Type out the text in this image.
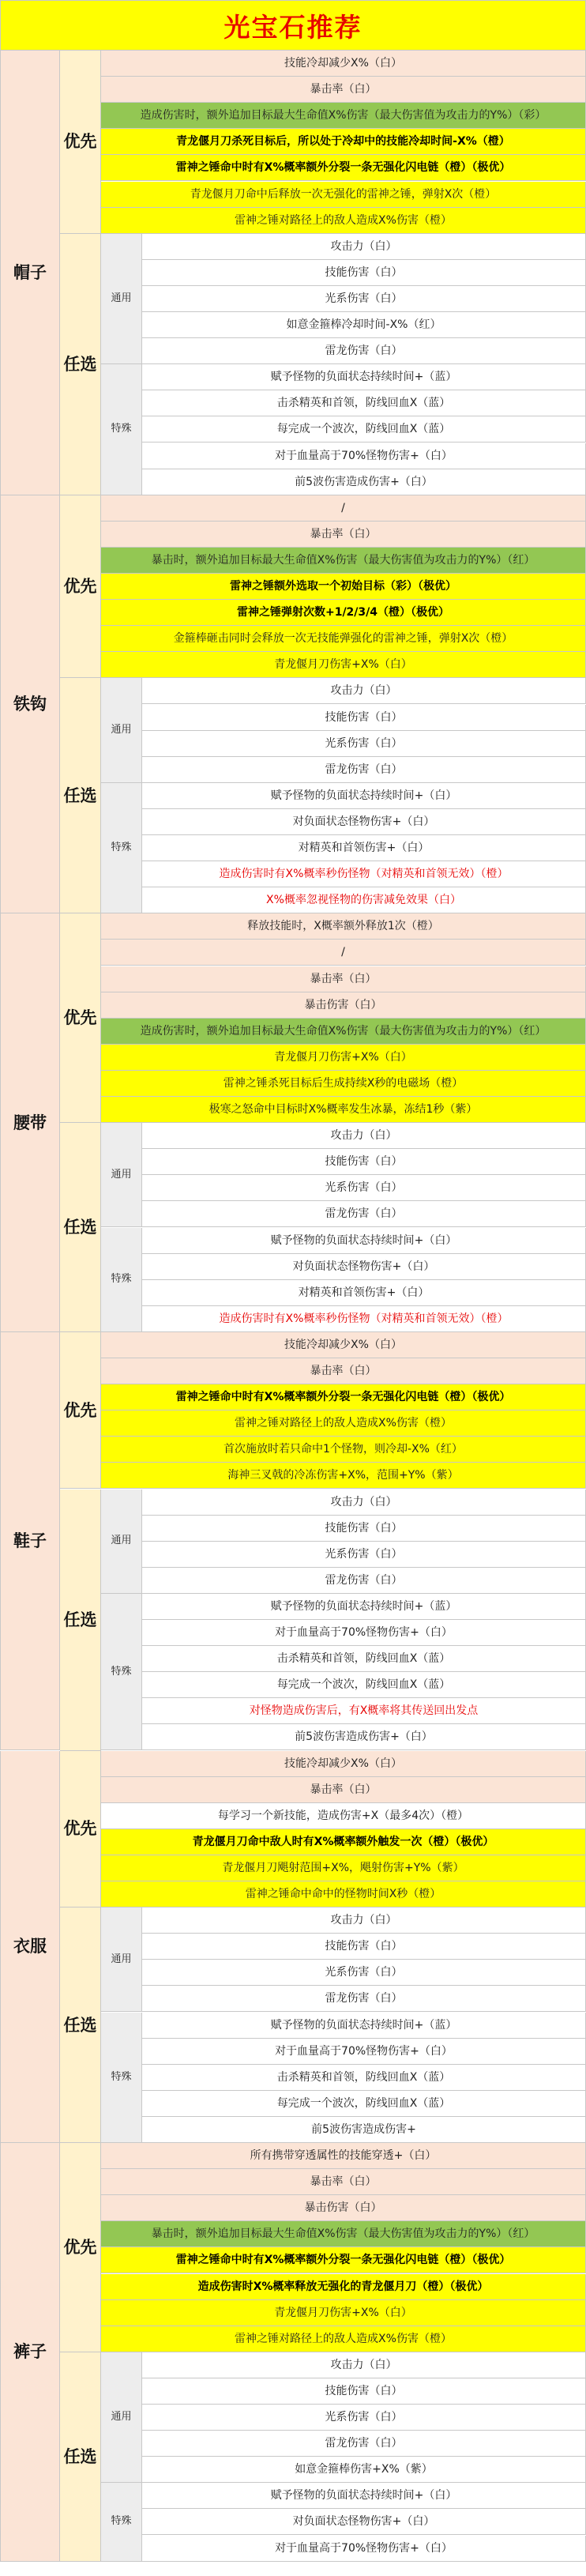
光宝石推荐
帽子
优先
技能冷却减少X%（白）
暴击率（白）
造成伤害时，额外追加目标最大生命值X%伤害（最大伤害值为攻击力的Y%）（彩）
青龙偃月刀杀死目标后，所以处于冷却中的技能冷却时间-X%（橙）
雷神之锤命中时有X%概率额外分裂一条无强化闪电链（橙）（极优）
青龙偃月刀命中后释放一次无强化的雷神之锤，弹射X次（橙）
雷神之锤对路径上的敌人造成X%伤害（橙）
任选
通用
攻击力（白）
技能伤害（白）
光系伤害（白）
如意金箍棒冷却时间-X%（红）
雷龙伤害（白）
特殊
赋予怪物的负面状态持续时间+（蓝）
击杀精英和首领，防线回血X（蓝）
每完成一个波次，防线回血X（蓝）
对于血量高于70%怪物伤害+（白）
前5波伤害造成伤害+（白）
铁钩
优先
/
暴击率（白）
暴击时，额外追加目标最大生命值X%伤害（最大伤害值为攻击力的Y%）（红）
雷神之锤额外选取一个初始目标（彩）（极优）
雷神之锤弹射次数+1/2/3/4（橙）（极优）
金箍棒砸击同时会释放一次无技能弹强化的雷神之锤，弹射X次（橙）
青龙偃月刀伤害+X%（白）
任选
通用
攻击力（白）
技能伤害（白）
光系伤害（白）
雷龙伤害（白）
特殊
赋予怪物的负面状态持续时间+（白）
对负面状态怪物伤害+（白）
对精英和首领伤害+（白）
造成伤害时有X%概率秒伤怪物（对精英和首领无效）（橙）
X%概率忽视怪物的伤害减免效果（白）
腰带
优先
释放技能时，X概率额外释放1次（橙）
/
暴击率（白）
暴击伤害（白）
造成伤害时，额外追加目标最大生命值X%伤害（最大伤害值为攻击力的Y%）（红）
青龙偃月刀伤害+X%（白）
雷神之锤杀死目标后生成持续X秒的电磁场（橙）
极寒之怒命中目标时X%概率发生冰暴，冻结1秒（紫）
任选
通用
攻击力（白）
技能伤害（白）
光系伤害（白）
雷龙伤害（白）
特殊
赋予怪物的负面状态持续时间+（白）
对负面状态怪物伤害+（白）
对精英和首领伤害+（白）
造成伤害时有X%概率秒伤怪物（对精英和首领无效）（橙）
鞋子
优先
技能冷却减少X%（白）
暴击率（白）
雷神之锤命中时有X%概率额外分裂一条无强化闪电链（橙）（极优）
雷神之锤对路径上的敌人造成X%伤害（橙）
首次施放时若只命中1个怪物，则冷却-X%（红）
海神三叉戟的冷冻伤害+X%，范围+Y%（紫）
任选
通用
攻击力（白）
技能伤害（白）
光系伤害（白）
雷龙伤害（白）
特殊
赋予怪物的负面状态持续时间+（蓝）
对于血量高于70%怪物伤害+（白）
击杀精英和首领，防线回血X（蓝）
每完成一个波次，防线回血X（蓝）
对怪物造成伤害后，有X概率将其传送回出发点
前5波伤害造成伤害+（白）
衣服
优先
技能冷却减少X%（白）
暴击率（白）
每学习一个新技能，造成伤害+X（最多4次）（橙）
青龙偃月刀命中敌人时有X%概率额外触发一次（橙）（极优）
青龙偃月刀飓射范围+X%，飓射伤害+Y%（紫）
雷神之锤命中命中的怪物时间X秒（橙）
任选
通用
攻击力（白）
技能伤害（白）
光系伤害（白）
雷龙伤害（白）
特殊
赋予怪物的负面状态持续时间+（蓝）
对于血量高于70%怪物伤害+（白）
击杀精英和首领，防线回血X（蓝）
每完成一个波次，防线回血X（蓝）
前5波伤害造成伤害+
裤子
优先
所有携带穿透属性的技能穿透+（白）
暴击率（白）
暴击伤害（白）
暴击时，额外追加目标最大生命值X%伤害（最大伤害值为攻击力的Y%）（红）
雷神之锤命中时有X%概率额外分裂一条无强化闪电链（橙）（极优）
造成伤害时X%概率释放无强化的青龙偃月刀（橙）（极优）
青龙偃月刀伤害+X%（白）
雷神之锤对路径上的敌人造成X%伤害（橙）
任选
通用
攻击力（白）
技能伤害（白）
光系伤害（白）
雷龙伤害（白）
如意金箍棒伤害+X%（紫）
特殊
赋予怪物的负面状态持续时间+（白）
对负面状态怪物伤害+（白）
对于血量高于70%怪物伤害+（白）
